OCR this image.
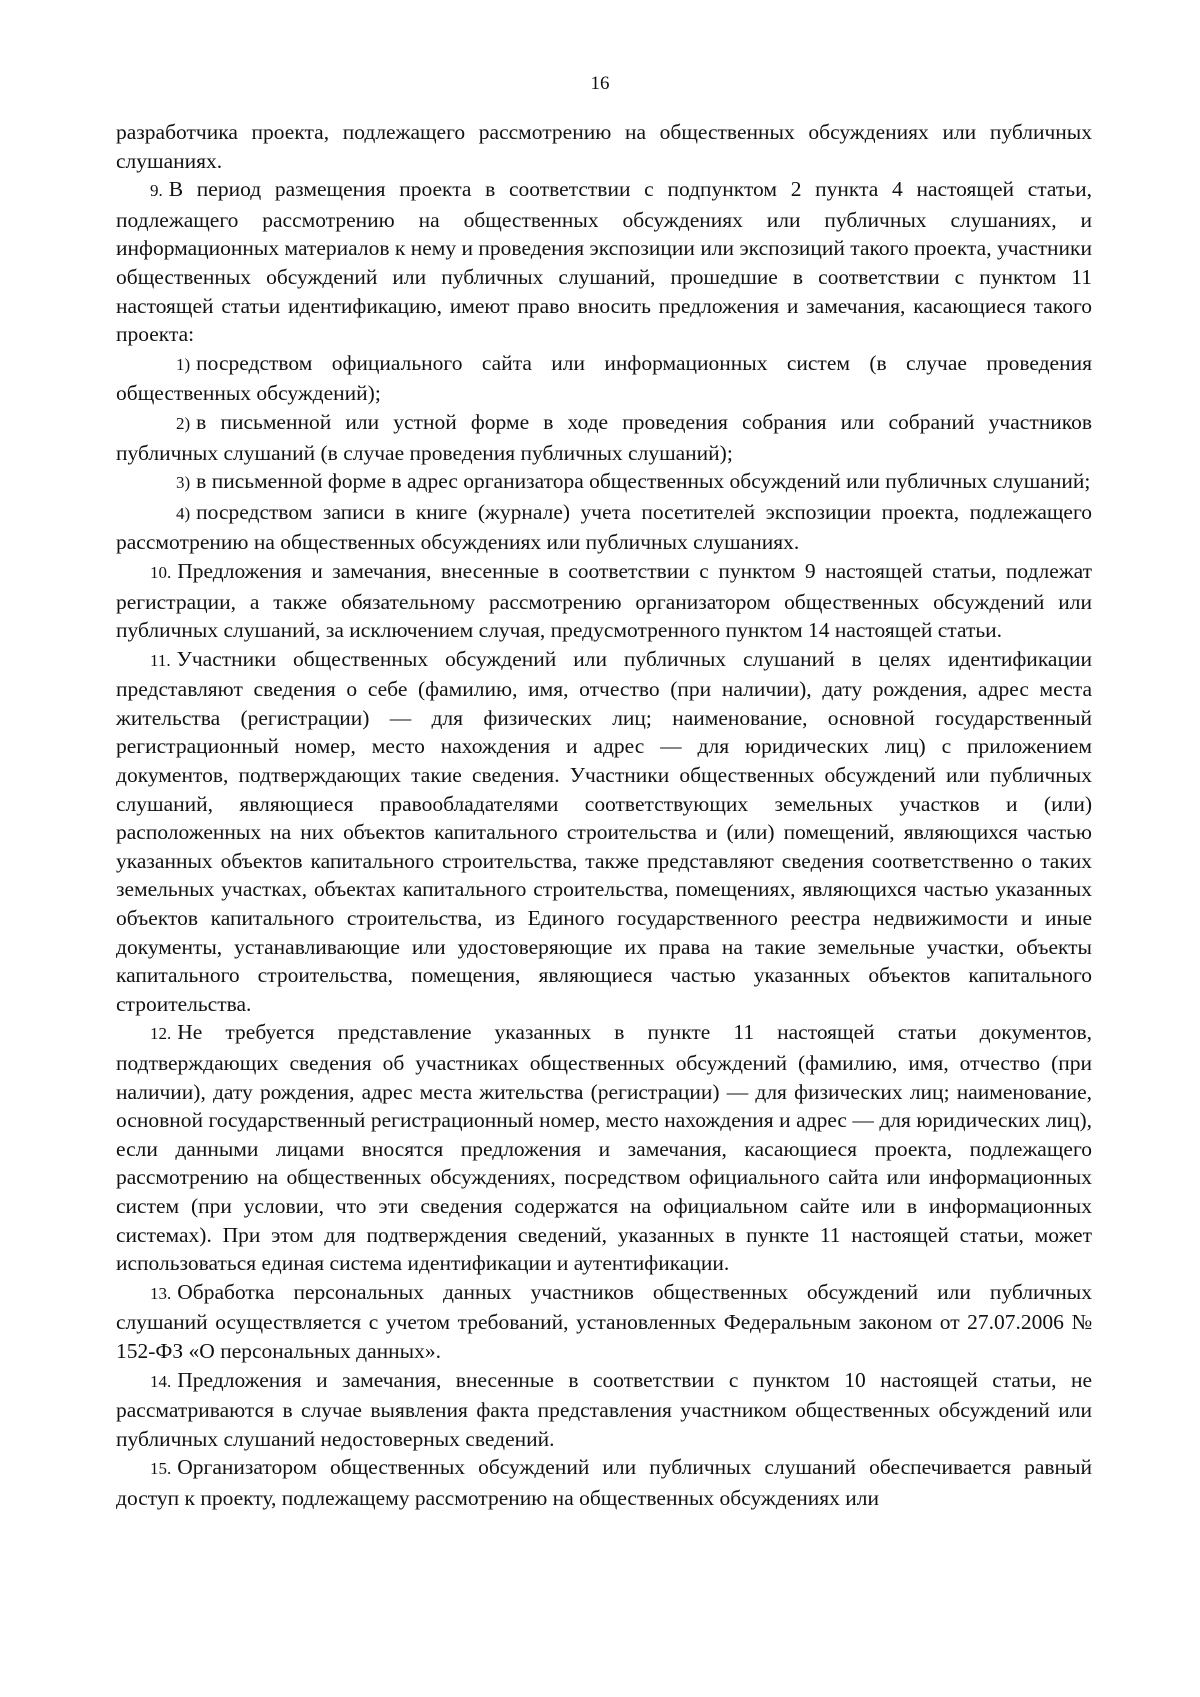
16

разработчика проекта, подлежащего рассмотрению на общественных обсуждениях или публичных слушаниях.

9. В период размещения проекта в соответствии с подпунктом 2 пункта 4 настоящей статьи, подлежащего рассмотрению на общественных обсуждениях или публичных слушаниях, и информационных материалов к нему и проведения экспозиции или экспозиций такого проекта, участники общественных обсуждений или публичных слушаний, прошедшие в соответствии с пунктом 11 настоящей статьи идентификацию, имеют право вносить предложения и замечания, касающиеся такого проекта:

1) посредством официального сайта или информационных систем (в случае проведения общественных обсуждений);

2) в письменной или устной форме в ходе проведения собрания или собраний участников публичных слушаний (в случае проведения публичных слушаний);

3) в письменной форме в адрес организатора общественных обсуждений или публичных слушаний;

4) посредством записи в книге (журнале) учета посетителей экспозиции проекта, подлежащего рассмотрению на общественных обсуждениях или публичных слушаниях.

10. Предложения и замечания, внесенные в соответствии с пунктом 9 настоящей статьи, подлежат регистрации, а также обязательному рассмотрению организатором общественных обсуждений или публичных слушаний, за исключением случая, предусмотренного пунктом 14 настоящей статьи.

11. Участники общественных обсуждений или публичных слушаний в целях идентификации представляют сведения о себе (фамилию, имя, отчество (при наличии), дату рождения, адрес места жительства (регистрации) — для физических лиц; наименование, основной государственный регистрационный номер, место нахождения и адрес — для юридических лиц) с приложением документов, подтверждающих такие сведения. Участники общественных обсуждений или публичных слушаний, являющиеся правообладателями соответствующих земельных участков и (или) расположенных на них объектов капитального строительства и (или) помещений, являющихся частью указанных объектов капитального строительства, также представляют сведения соответственно о таких земельных участках, объектах капитального строительства, помещениях, являющихся частью указанных объектов капитального строительства, из Единого государственного реестра недвижимости и иные документы, устанавливающие или удостоверяющие их права на такие земельные участки, объекты капитального строительства, помещения, являющиеся частью указанных объектов капитального строительства.

12. Не требуется представление указанных в пункте 11 настоящей статьи документов, подтверждающих сведения об участниках общественных обсуждений (фамилию, имя, отчество (при наличии), дату рождения, адрес места жительства (регистрации) — для физических лиц; наименование, основной государственный регистрационный номер, место нахождения и адрес — для юридических лиц), если данными лицами вносятся предложения и замечания, касающиеся проекта, подлежащего рассмотрению на общественных обсуждениях, посредством официального сайта или информационных систем (при условии, что эти сведения содержатся на официальном сайте или в информационных системах). При этом для подтверждения сведений, указанных в пункте 11 настоящей статьи, может использоваться единая система идентификации и аутентификации.

13. Обработка персональных данных участников общественных обсуждений или публичных слушаний осуществляется с учетом требований, установленных Федеральным законом от 27.07.2006 № 152-ФЗ «О персональных данных».

14. Предложения и замечания, внесенные в соответствии с пунктом 10 настоящей статьи, не рассматриваются в случае выявления факта представления участником общественных обсуждений или публичных слушаний недостоверных сведений.

15. Организатором общественных обсуждений или публичных слушаний обеспечивается равный доступ к проекту, подлежащему рассмотрению на общественных обсуждениях или
